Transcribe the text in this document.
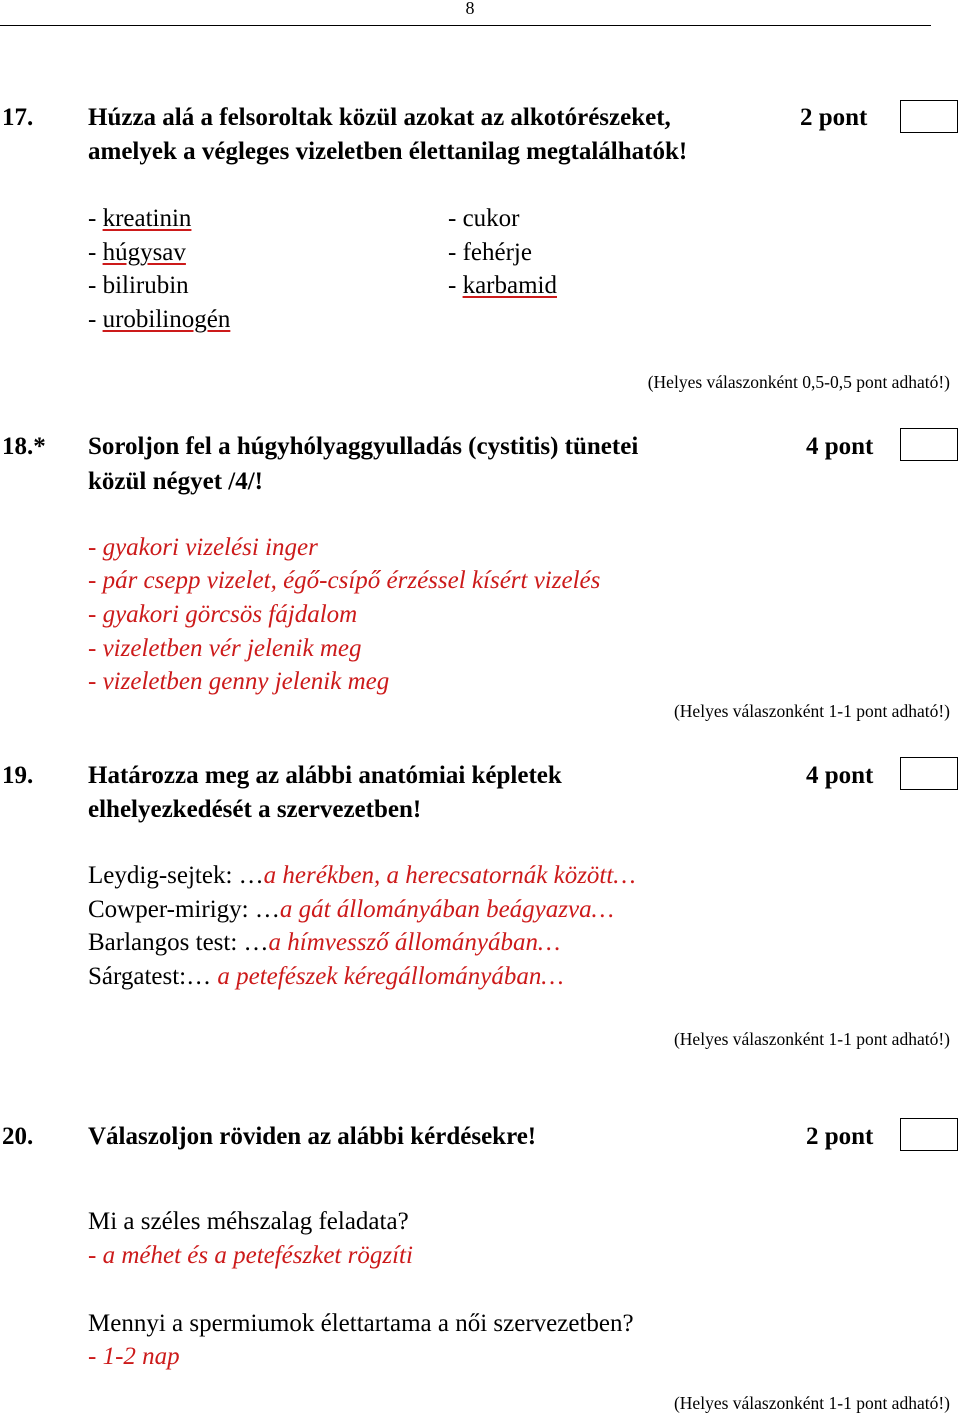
8
17. Húzza alá a felsoroltak közül azokat az alkotórészeket,	2 pont
amelyek a végleges vizeletben élettanilag megtalálhatók!
- kreatinin
- húgysav
- bilirubin
- urobilinogén
- cukor
- fehérje
- karbamid
(Helyes válaszonként 0,5-0,5 pont adható!)
18.* Soroljon fel a húgyhólyaggyulladás (cystitis) tünetei	4 pont
közül négyet /4/!
- gyakori vizelési inger
- pár csepp vizelet, égő-csípő érzéssel kísért vizelés
- gyakori görcsös fájdalom
- vizeletben vér jelenik meg
- vizeletben genny jelenik meg
(Helyes válaszonként 1-1 pont adható!)
19. Határozza meg az alábbi anatómiai képletek	4 pont
elhelyezkedését a szervezetben!
Leydig-sejtek: …a herékben, a herecsatornák között…
Cowper-mirigy: …a gát állományában beágyazva…
Barlangos test: …a hímvessző állományában…
Sárgatest:… a petefészek kéregállományában…
(Helyes válaszonként 1-1 pont adható!)
20. Válaszoljon röviden az alábbi kérdésekre!	2 pont
Mi a széles méhszalag feladata?
- a méhet és a petefészket rögzíti
Mennyi a spermiumok élettartama a női szervezetben?
- 1-2 nap
(Helyes válaszonként 1-1 pont adható!)
